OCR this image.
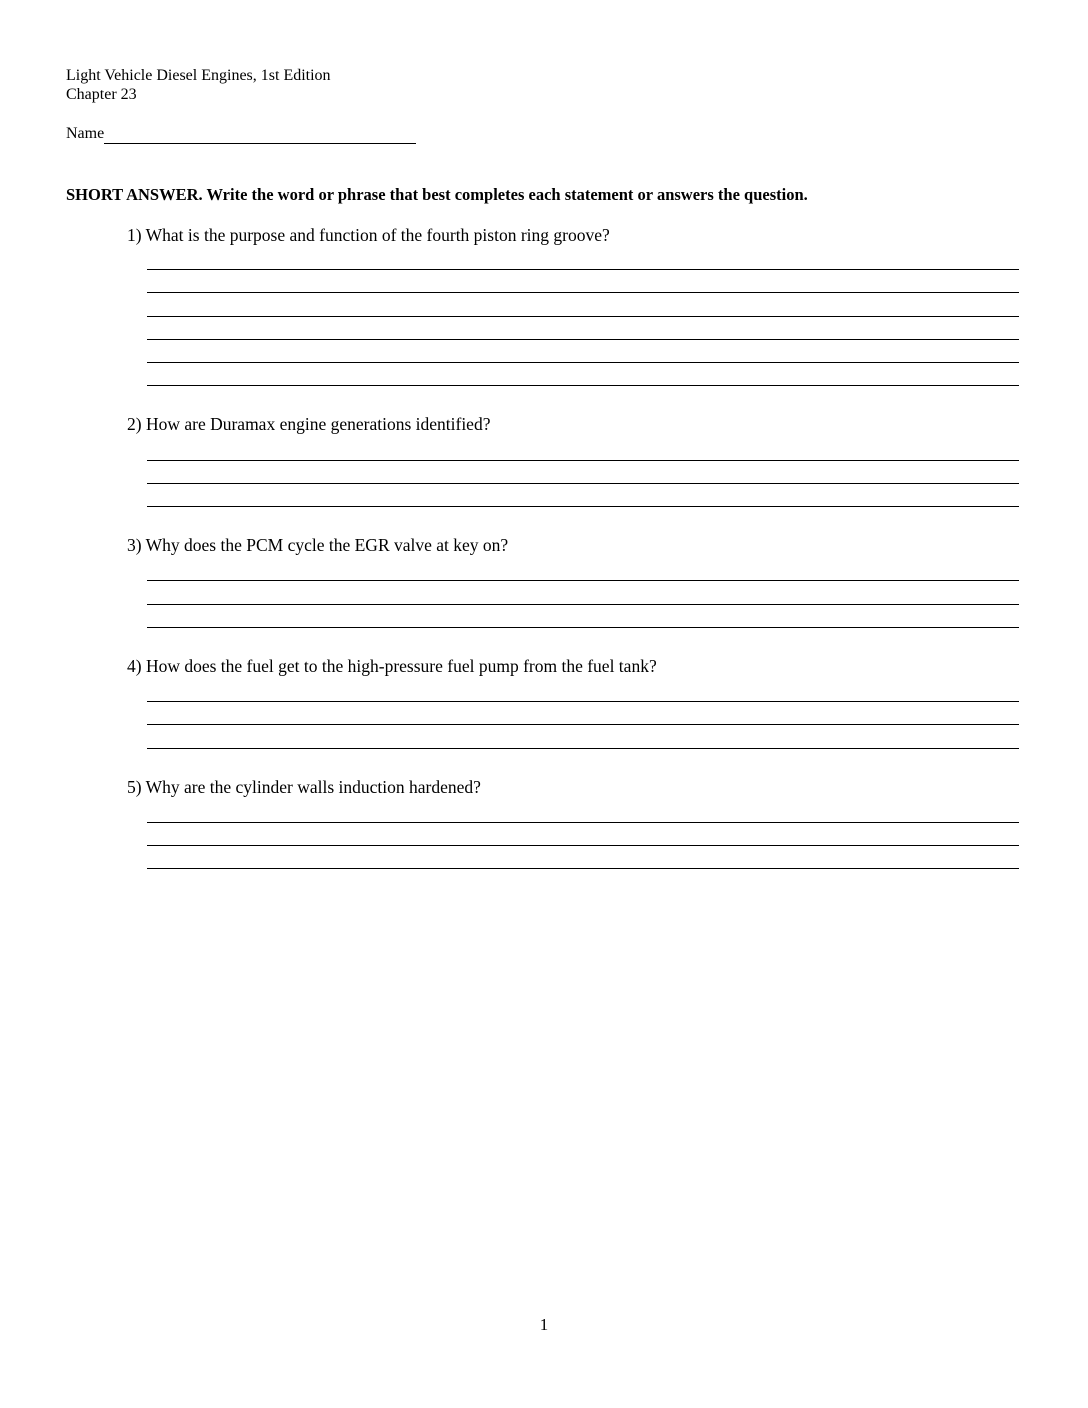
Light Vehicle Diesel Engines, 1st Edition
Chapter 23
Name
SHORT ANSWER. Write the word or phrase that best completes each statement or answers the question.
1) What is the purpose and function of the fourth piston ring groove?
2) How are Duramax engine generations identified?
3) Why does the PCM cycle the EGR valve at key on?
4) How does the fuel get to the high-pressure fuel pump from the fuel tank?
5) Why are the cylinder walls induction hardened?
1
